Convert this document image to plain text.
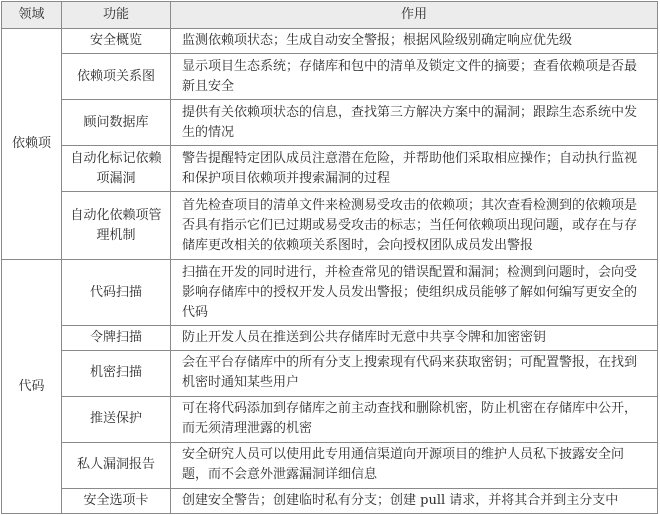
领域	功能	作用
依赖项	安全概览	监测依赖项状态；生成自动安全警报；根据风险级别确定响应优先级
	依赖项关系图	显示项目生态系统；存储库和包中的清单及锁定文件的摘要；查看依赖项是否最新且安全
	顾问数据库	提供有关依赖项状态的信息，查找第三方解决方案中的漏洞；跟踪生态系统中发生的情况
	自动化标记依赖项漏洞	警告提醒特定团队成员注意潜在危险，并帮助他们采取相应操作；自动执行监视和保护项目依赖项并搜索漏洞的过程
	自动化依赖项管理机制	首先检查项目的清单文件来检测易受攻击的依赖项；其次查看检测到的依赖项是否具有指示它们已过期或易受攻击的标志；当任何依赖项出现问题，或存在与存储库更改相关的依赖项关系图时，会向授权团队成员发出警报
代码	代码扫描	扫描在开发的同时进行，并检查常见的错误配置和漏洞；检测到问题时，会向受影响存储库中的授权开发人员发出警报；使组织成员能够了解如何编写更安全的代码
	令牌扫描	防止开发人员在推送到公共存储库时无意中共享令牌和加密密钥
	机密扫描	会在平台存储库中的所有分支上搜索现有代码来获取密钥；可配置警报，在找到机密时通知某些用户
	推送保护	可在将代码添加到存储库之前主动查找和删除机密，防止机密在存储库中公开，而无须清理泄露的机密
	私人漏洞报告	安全研究人员可以使用此专用通信渠道向开源项目的维护人员私下披露安全问题，而不会意外泄露漏洞详细信息
	安全选项卡	创建安全警告；创建临时私有分支；创建 pull 请求，并将其合并到主分支中
